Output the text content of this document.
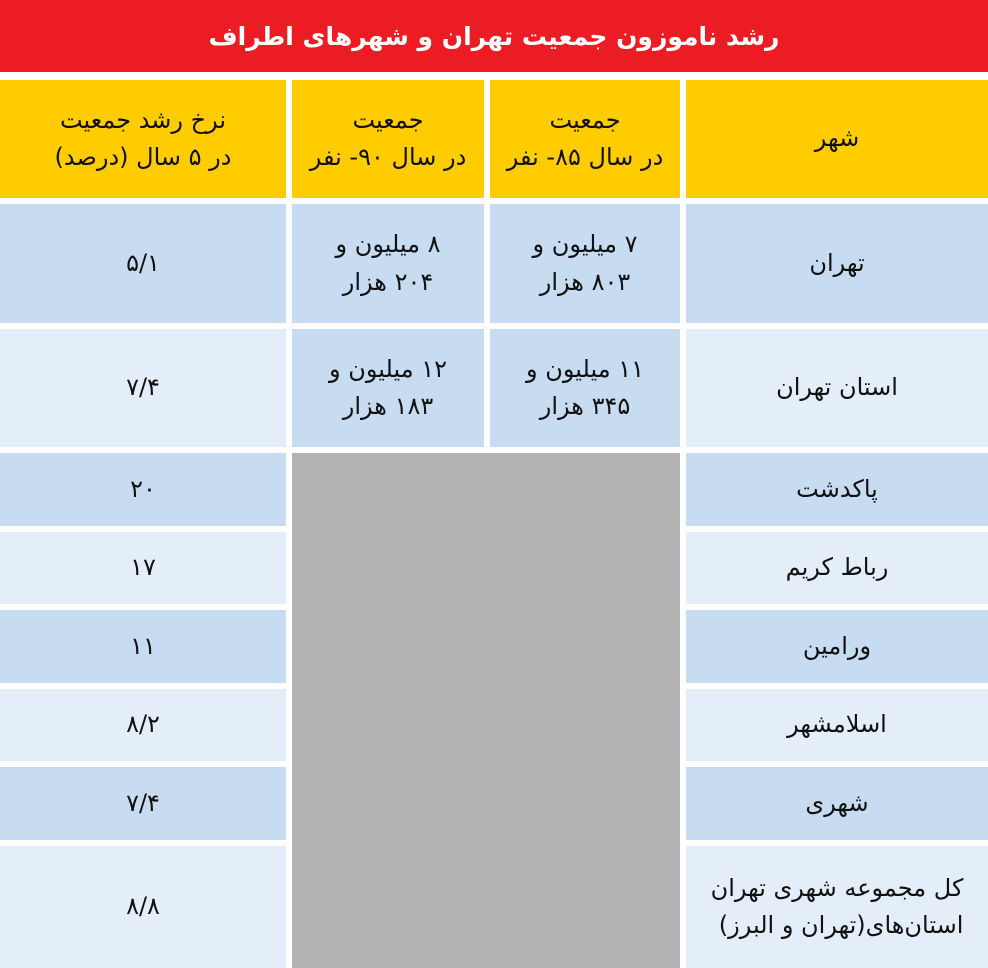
رشد ناموزون جمعیت تهران و شهرهای اطراف
شهر
جمعیت
در سال ۸۵- نفر
جمعیت
در سال ۹۰- نفر
نرخ رشد جمعیت
در ۵ سال (درصد)
تهران
۷ میلیون و
۸۰۳ هزار
۸ میلیون و
۲۰۴ هزار
۵/۱
استان تهران
۱۱ میلیون و
۳۴۵ هزار
۱۲ میلیون و
۱۸۳ هزار
۷/۴
پاکدشت
۲۰
رباط کریم
۱۷
ورامین
۱۱
اسلامشهر
۸/۲
شهری
۷/۴
کل مجموعه شهری تهران
استان‌های(تهران و البرز)
۸/۸
